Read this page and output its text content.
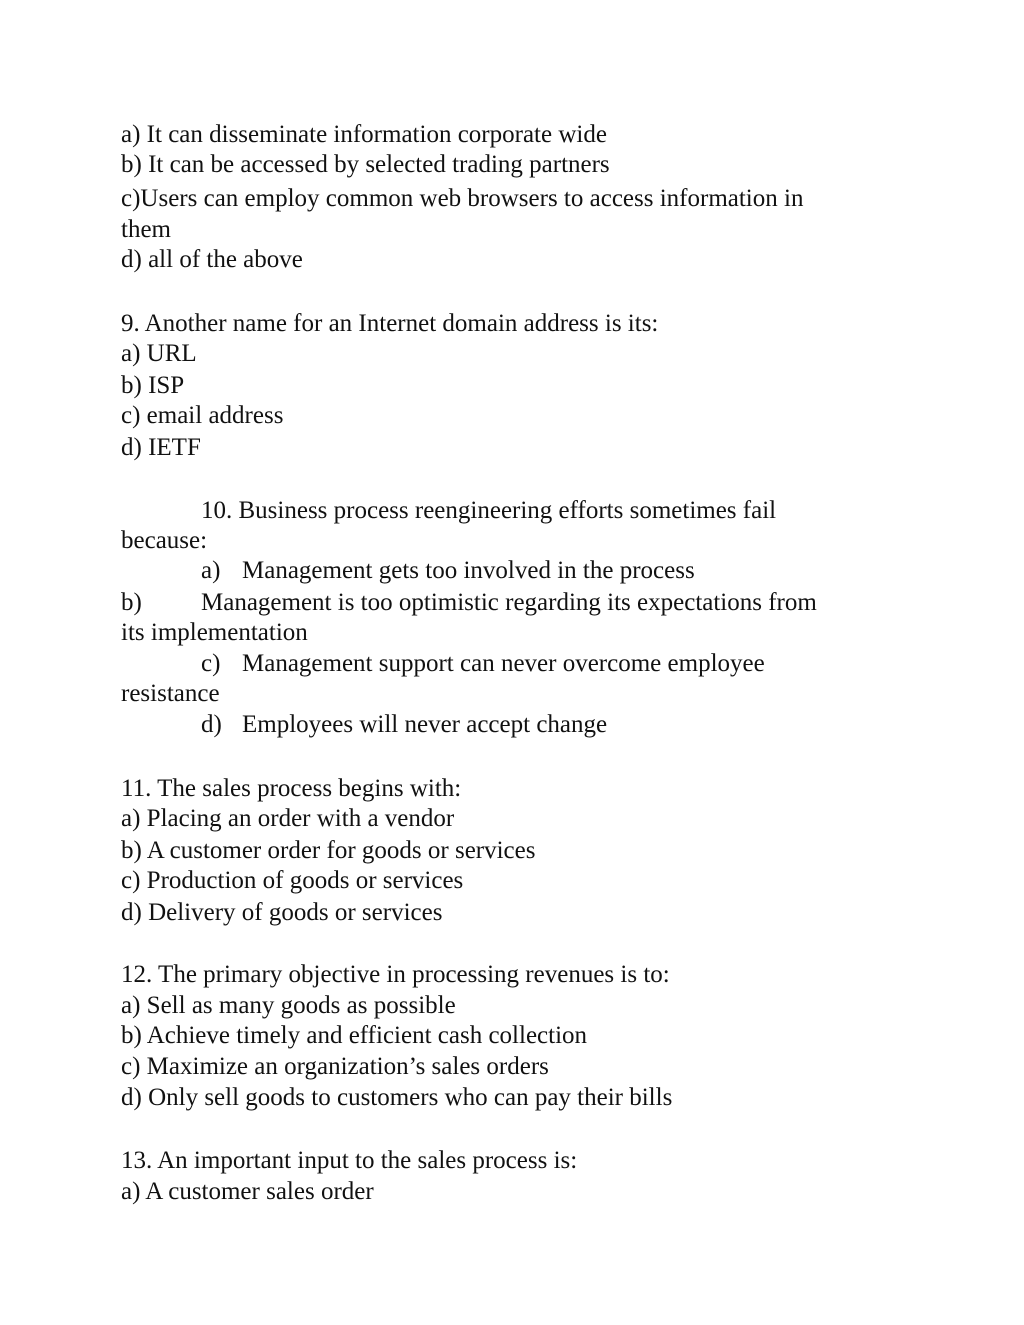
a) It can disseminate information corporate wide
b) It can be accessed by selected trading partners
c)Users can employ common web browsers to access information in
them
d) all of the above
9. Another name for an Internet domain address is its:
a) URL
b) ISP
c) email address
d) IETF
10. Business process reengineering efforts sometimes fail
because:
a) Management gets too involved in the process
b) Management is too optimistic regarding its expectations from
its implementation
c) Management support can never overcome employee
resistance
d) Employees will never accept change
11. The sales process begins with:
a) Placing an order with a vendor
b) A customer order for goods or services
c) Production of goods or services
d) Delivery of goods or services
12. The primary objective in processing revenues is to:
a) Sell as many goods as possible
b) Achieve timely and efficient cash collection
c) Maximize an organization’s sales orders
d) Only sell goods to customers who can pay their bills
13. An important input to the sales process is:
a) A customer sales order
